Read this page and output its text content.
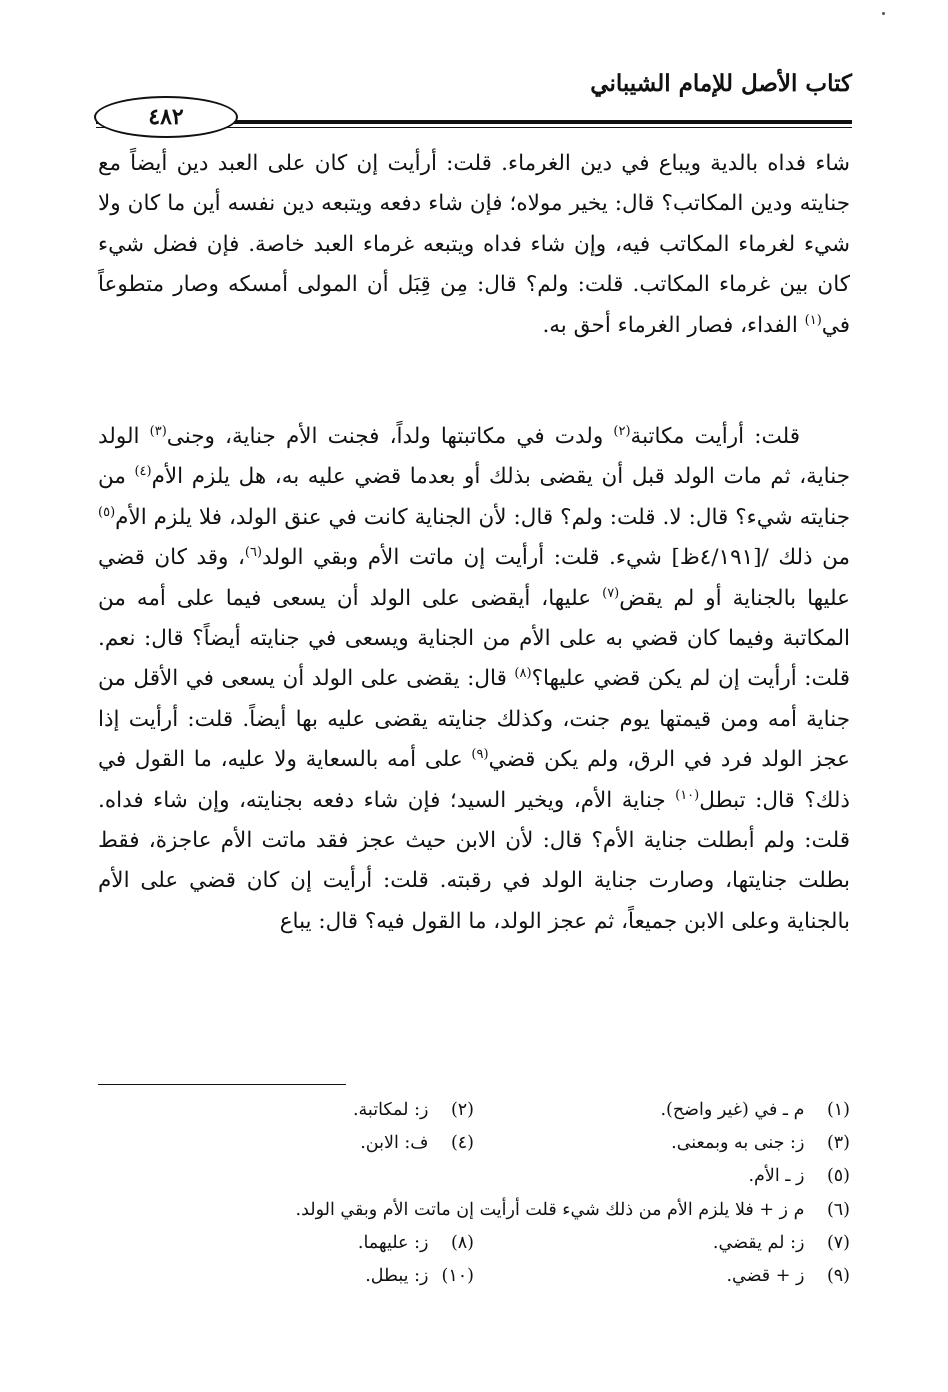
كتاب الأصل للإمام الشيباني
٤٨٢
شاء فداه بالدية ويباع في دين الغرماء. قلت: أرأيت إن كان على العبد دين أيضاً مع جنايته ودين المكاتب؟ قال: يخير مولاه؛ فإن شاء دفعه ويتبعه دين نفسه أين ما كان ولا شيء لغرماء المكاتب فيه، وإن شاء فداه ويتبعه غرماء العبد خاصة. فإن فضل شيء كان بين غرماء المكاتب. قلت: ولم؟ قال: مِن قِبَل أن المولى أمسكه وصار متطوعاً في$^{(١)}$ الفداء، فصار الغرماء أحق به.
قلت: أرأيت مكاتبة$^{(٢)}$ ولدت في مكاتبتها ولداً، فجنت الأم جناية، وجنى$^{(٣)}$ الولد جناية، ثم مات الولد قبل أن يقضى بذلك أو بعدما قضي عليه به، هل يلزم الأم$^{(٤)}$ من جنايته شيء؟ قال: لا. قلت: ولم؟ قال: لأن الجناية كانت في عنق الولد، فلا يلزم الأم$^{(٥)}$ من ذلك /[٤/١٩١ظ] شيء. قلت: أرأيت إن ماتت الأم وبقي الولد$^{(٦)}$، وقد كان قضي عليها بالجناية أو لم يقض$^{(٧)}$ عليها، أيقضى على الولد أن يسعى فيما على أمه من المكاتبة وفيما كان قضي به على الأم من الجناية ويسعى في جنايته أيضاً؟ قال: نعم. قلت: أرأيت إن لم يكن قضي عليها؟$^{(٨)}$ قال: يقضى على الولد أن يسعى في الأقل من جناية أمه ومن قيمتها يوم جنت، وكذلك جنايته يقضى عليه بها أيضاً. قلت: أرأيت إذا عجز الولد فرد في الرق، ولم يكن قضي$^{(٩)}$ على أمه بالسعاية ولا عليه، ما القول في ذلك؟ قال: تبطل$^{(١٠)}$ جناية الأم، ويخير السيد؛ فإن شاء دفعه بجنايته، وإن شاء فداه. قلت: ولم أبطلت جناية الأم؟ قال: لأن الابن حيث عجز فقد ماتت الأم عاجزة، فقط بطلت جنايتها، وصارت جناية الولد في رقبته. قلت: أرأيت إن كان قضي على الأم بالجناية وعلى الابن جميعاً، ثم عجز الولد، ما القول فيه؟ قال: يباع
(١) م ـ في (غير واضح).
(٢) ز: لمكاتبة.
(٣) ز: جنى به وبمعنى.
(٤) ف: الابن.
(٥) ز ـ الأم.
(٦) م ز + فلا يلزم الأم من ذلك شيء قلت أرأيت إن ماتت الأم وبقي الولد.
(٧) ز: لم يقضي.
(٨) ز: عليهما.
(٩) ز + قضي.
(١٠) ز: يبطل.
